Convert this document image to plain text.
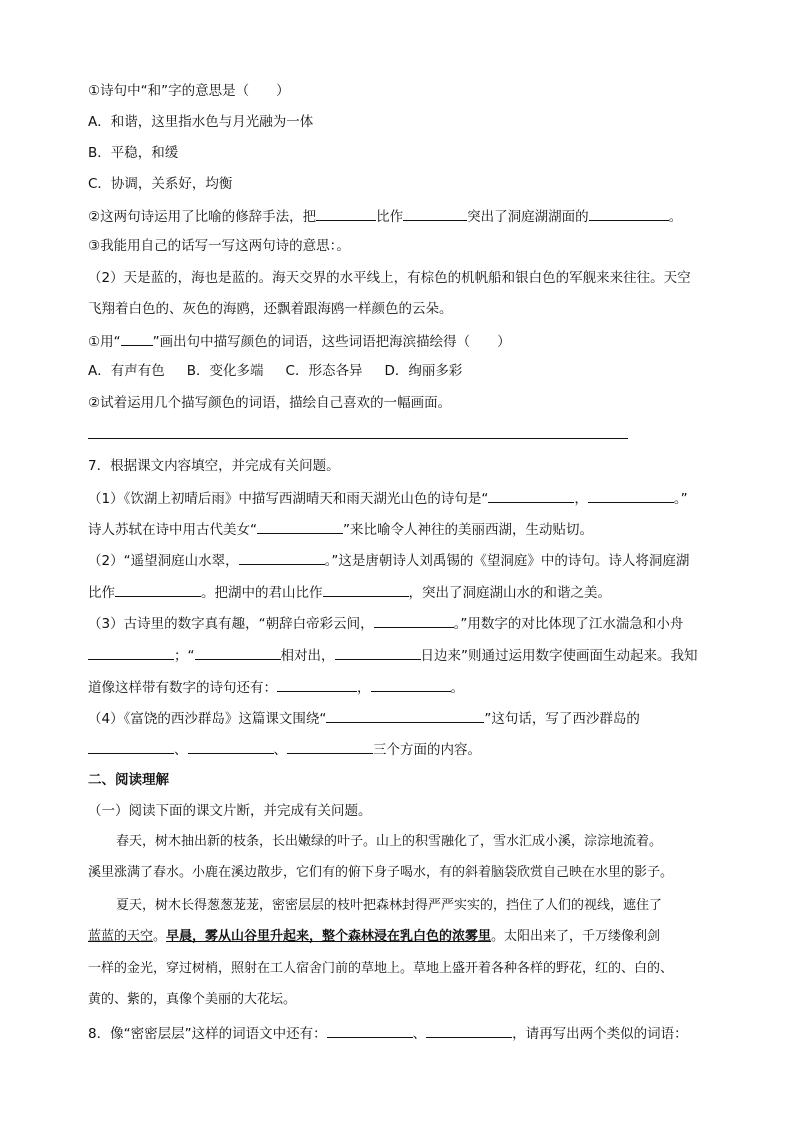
①诗句中“和”字的意思是（　　）
A．和谐，这里指水色与月光融为一体
B．平稳，和缓
C．协调，关系好，均衡
②这两句诗运用了比喻的修辞手法，把	比作	突出了洞庭湖湖面的	。
③我能用自己的话写一写这两句诗的意思：。
（2）天是蓝的，海也是蓝的。海天交界的水平线上，有棕色的机帆船和银白色的军舰来来往往。天空
飞翔着白色的、灰色的海鸥，还飘着跟海鸥一样颜色的云朵。
①用“ ”画出句中描写颜色的词语，这些词语把海滨描绘得（　　）
A．有声有色 B．变化多端 C．形态各异 D．绚丽多彩
②试着运用几个描写颜色的词语，描绘自己喜欢的一幅画面。
7．根据课文内容填空，并完成有关问题。
（1）《饮湖上初晴后雨》中描写西湖晴天和雨天湖光山色的诗句是“	，	。”
诗人苏轼在诗中用古代美女“	”来比喻令人神往的美丽西湖，生动贴切。
（2）“遥望洞庭山水翠，	。”这是唐朝诗人刘禹锡的《望洞庭》中的诗句。诗人将洞庭湖
比作	。把湖中的君山比作	，突出了洞庭湖山水的和谐之美。
（3）古诗里的数字真有趣，“朝辞白帝彩云间，	。”用数字的对比体现了江水湍急和小舟
；“	相对出，	日边来”则通过运用数字使画面生动起来。我知
道像这样带有数字的诗句还有：	，	。
（4）《富饶的西沙群岛》这篇课文围绕“	”这句话，写了西沙群岛的
、	、	三个方面的内容。
二、阅读理解
（一）阅读下面的课文片断，并完成有关问题。
春天，树木抽出新的枝条，长出嫩绿的叶子。山上的积雪融化了，雪水汇成小溪，淙淙地流着。
溪里涨满了春水。小鹿在溪边散步，它们有的俯下身子喝水，有的斜着脑袋欣赏自己映在水里的影子。
夏天，树木长得葱葱茏茏，密密层层的枝叶把森林封得严严实实的，挡住了人们的视线，遮住了
蓝蓝的天空。早晨，雾从山谷里升起来，整个森林浸在乳白色的浓雾里。太阳出来了，千万缕像利剑
一样的金光，穿过树梢，照射在工人宿舍门前的草地上。草地上盛开着各种各样的野花，红的、白的、
黄的、紫的，真像个美丽的大花坛。
8．像“密密层层”这样的词语文中还有：	、	，请再写出两个类似的词语：
